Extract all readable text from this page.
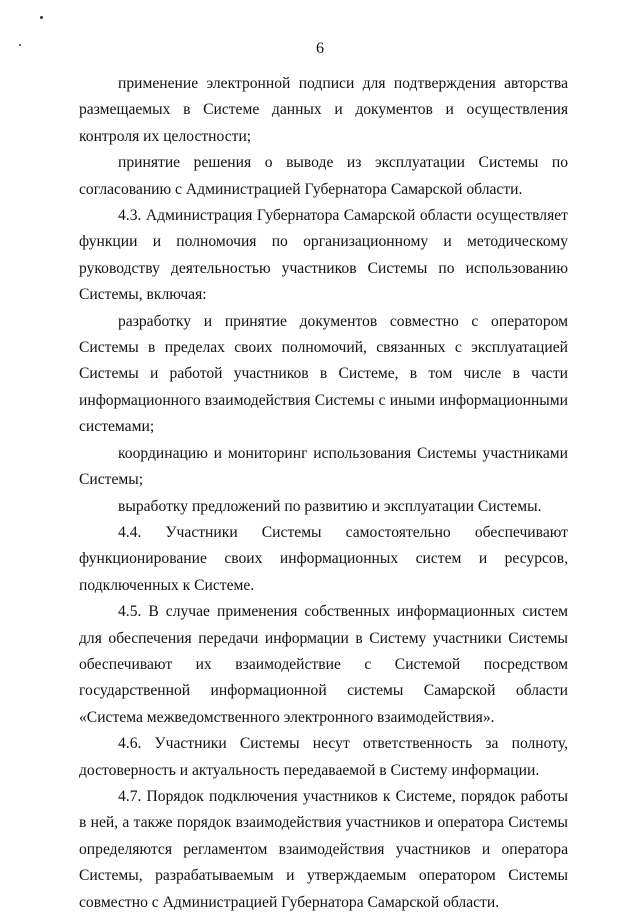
6

применение электронной подписи для подтверждения авторства размещаемых в Системе данных и документов и осуществления контроля их целостности;

принятие решения о выводе из эксплуатации Системы по согласованию с Администрацией Губернатора Самарской области.

4.3. Администрация Губернатора Самарской области осуществляет функции и полномочия по организационному и методическому руководству деятельностью участников Системы по использованию Системы, включая:

разработку и принятие документов совместно с оператором Системы в пределах своих полномочий, связанных с эксплуатацией Системы и работой участников в Системе, в том числе в части информационного взаимодействия Системы с иными информационными системами;

координацию и мониторинг использования Системы участниками Системы;

выработку предложений по развитию и эксплуатации Системы.

4.4. Участники Системы самостоятельно обеспечивают функционирование своих информационных систем и ресурсов, подключенных к Системе.

4.5. В случае применения собственных информационных систем для обеспечения передачи информации в Систему участники Системы обеспечивают их взаимодействие с Системой посредством государственной информационной системы Самарской области «Система межведомственного электронного взаимодействия».

4.6. Участники Системы несут ответственность за полноту, достоверность и актуальность передаваемой в Систему информации.

4.7. Порядок подключения участников к Системе, порядок работы в ней, а также порядок взаимодействия участников и оператора Системы определяются регламентом взаимодействия участников и оператора Системы, разрабатываемым и утверждаемым оператором Системы совместно с Администрацией Губернатора Самарской области.
